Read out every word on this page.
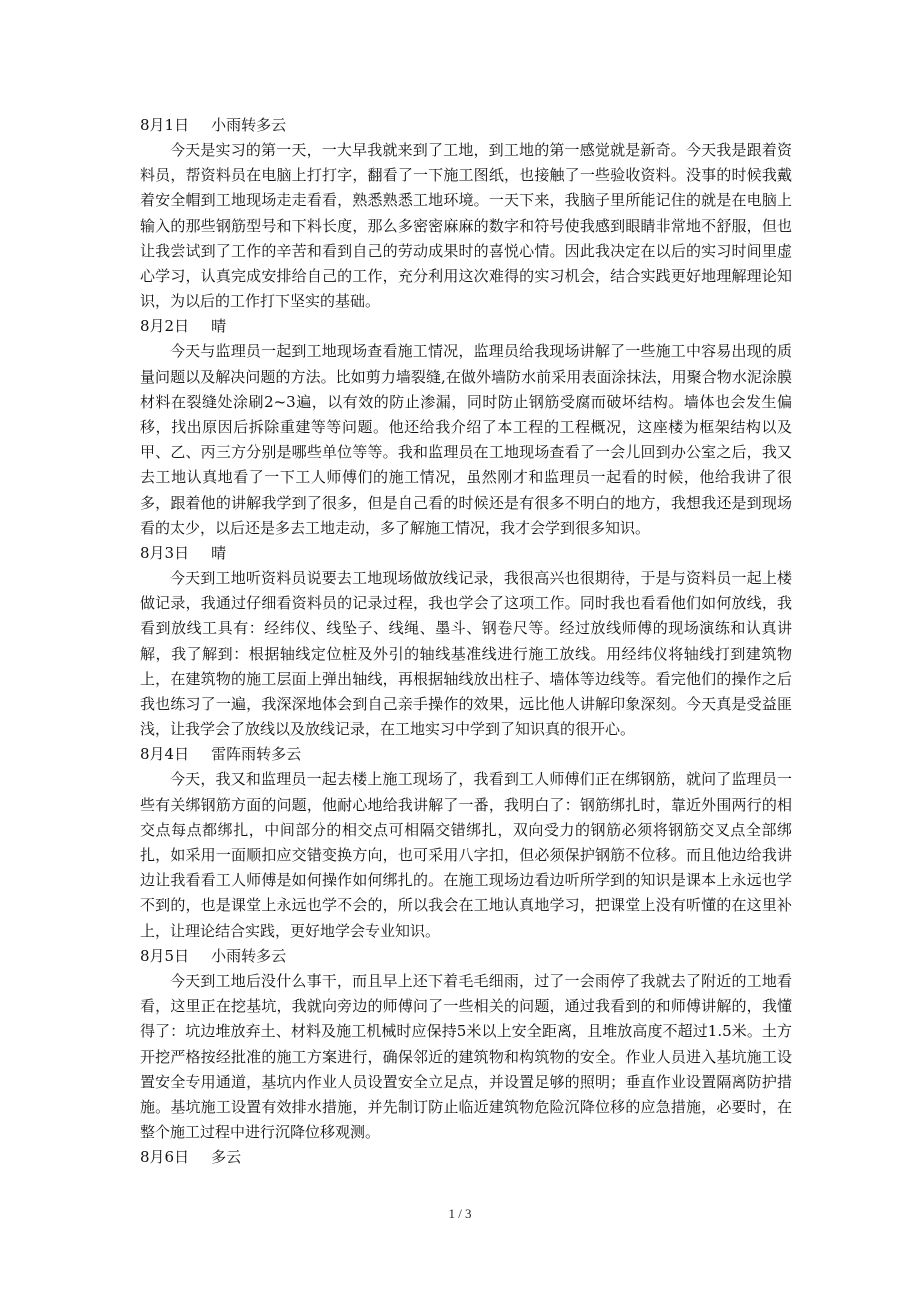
8月1日 小雨转多云

今天是实习的第一天，一大早我就来到了工地，到工地的第一感觉就是新奇。今天我是跟着资料员，帮资料员在电脑上打打字，翻看了一下施工图纸，也接触了一些验收资料。没事的时候我戴着安全帽到工地现场走走看看，熟悉熟悉工地环境。一天下来，我脑子里所能记住的就是在电脑上输入的那些钢筋型号和下料长度，那么多密密麻麻的数字和符号使我感到眼睛非常地不舒服，但也让我尝试到了工作的辛苦和看到自己的劳动成果时的喜悦心情。因此我决定在以后的实习时间里虚心学习，认真完成安排给自己的工作，充分利用这次难得的实习机会，结合实践更好地理解理论知识，为以后的工作打下坚实的基础。

8月2日 晴

今天与监理员一起到工地现场查看施工情况，监理员给我现场讲解了一些施工中容易出现的质量问题以及解决问题的方法。比如剪力墙裂缝,在做外墙防水前采用表面涂抹法，用聚合物水泥涂膜材料在裂缝处涂刷2~3遍，以有效的防止渗漏，同时防止钢筋受腐而破坏结构。墙体也会发生偏移，找出原因后拆除重建等等问题。他还给我介绍了本工程的工程概况，这座楼为框架结构以及甲、乙、丙三方分别是哪些单位等等。我和监理员在工地现场查看了一会儿回到办公室之后，我又去工地认真地看了一下工人师傅们的施工情况，虽然刚才和监理员一起看的时候，他给我讲了很多，跟着他的讲解我学到了很多，但是自己看的时候还是有很多不明白的地方，我想我还是到现场看的太少，以后还是多去工地走动，多了解施工情况，我才会学到很多知识。

8月3日 晴

今天到工地听资料员说要去工地现场做放线记录，我很高兴也很期待，于是与资料员一起上楼做记录，我通过仔细看资料员的记录过程，我也学会了这项工作。同时我也看看他们如何放线，我看到放线工具有：经纬仪、线坠子、线绳、墨斗、钢卷尺等。经过放线师傅的现场演练和认真讲解，我了解到：根据轴线定位桩及外引的轴线基准线进行施工放线。用经纬仪将轴线打到建筑物上，在建筑物的施工层面上弹出轴线，再根据轴线放出柱子、墙体等边线等。看完他们的操作之后我也练习了一遍，我深深地体会到自己亲手操作的效果，远比他人讲解印象深刻。今天真是受益匪浅，让我学会了放线以及放线记录，在工地实习中学到了知识真的很开心。

8月4日 雷阵雨转多云

今天，我又和监理员一起去楼上施工现场了，我看到工人师傅们正在绑钢筋，就问了监理员一些有关绑钢筋方面的问题，他耐心地给我讲解了一番，我明白了：钢筋绑扎时，靠近外围两行的相交点每点都绑扎，中间部分的相交点可相隔交错绑扎，双向受力的钢筋必须将钢筋交叉点全部绑扎，如采用一面顺扣应交错变换方向，也可采用八字扣，但必须保护钢筋不位移。而且他边给我讲边让我看看工人师傅是如何操作如何绑扎的。在施工现场边看边听所学到的知识是课本上永远也学不到的，也是课堂上永远也学不会的，所以我会在工地认真地学习，把课堂上没有听懂的在这里补上，让理论结合实践，更好地学会专业知识。

8月5日 小雨转多云

今天到工地后没什么事干，而且早上还下着毛毛细雨，过了一会雨停了我就去了附近的工地看看，这里正在挖基坑，我就向旁边的师傅问了一些相关的问题，通过我看到的和师傅讲解的，我懂得了：坑边堆放弃土、材料及施工机械时应保持5米以上安全距离，且堆放高度不超过1.5米。土方开挖严格按经批准的施工方案进行，确保邻近的建筑物和构筑物的安全。作业人员进入基坑施工设置安全专用通道，基坑内作业人员设置安全立足点，并设置足够的照明；垂直作业设置隔离防护措施。基坑施工设置有效排水措施，并先制订防止临近建筑物危险沉降位移的应急措施，必要时，在整个施工过程中进行沉降位移观测。

8月6日 多云
1 / 3
